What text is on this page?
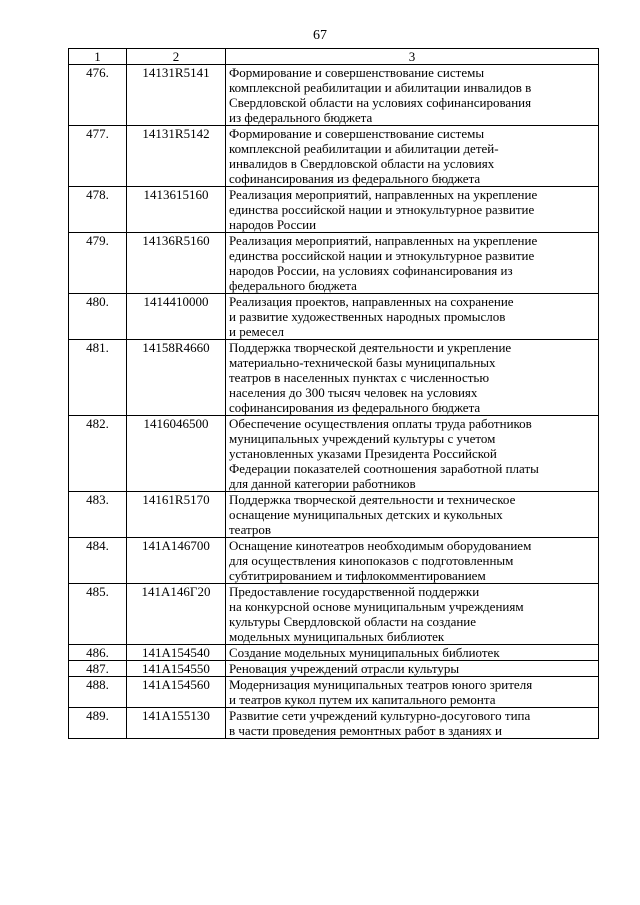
67
1	2	3
476.	14131R5141	Формирование и совершенствование системы
комплексной реабилитации и абилитации инвалидов в
Свердловской области на условиях софинансирования
из федерального бюджета

477.	14131R5142	Формирование и совершенствование системы
комплексной реабилитации и абилитации детей-
инвалидов в Свердловской области на условиях
софинансирования из федерального бюджета

478.	1413615160	Реализация мероприятий, направленных на укрепление
единства российской нации и этнокультурное развитие
народов России

479.	14136R5160	Реализация мероприятий, направленных на укрепление
единства российской нации и этнокультурное развитие
народов России, на условиях софинансирования из
федерального бюджета

480.	1414410000	Реализация проектов, направленных на сохранение
и развитие художественных народных промыслов
и ремесел

481.	14158R4660	Поддержка творческой деятельности и укрепление
материально-технической базы муниципальных
театров в населенных пунктах с численностью
населения до 300 тысяч человек на условиях
софинансирования из федерального бюджета

482.	1416046500	Обеспечение осуществления оплаты труда работников
муниципальных учреждений культуры с учетом
установленных указами Президента Российской
Федерации показателей соотношения заработной платы
для данной категории работников

483.	14161R5170	Поддержка творческой деятельности и техническое
оснащение муниципальных детских и кукольных
театров

484.	141A146700	Оснащение кинотеатров необходимым оборудованием
для осуществления кинопоказов с подготовленным
субтитрированием и тифлокомментированием

485.	141A146Г20	Предоставление государственной поддержки
на конкурсной основе муниципальным учреждениям
культуры Свердловской области на создание
модельных муниципальных библиотек

486.	141A154540	Создание модельных муниципальных библиотек

487.	141A154550	Реновация учреждений отрасли культуры

488.	141A154560	Модернизация муниципальных театров юного зрителя
и театров кукол путем их капитального ремонта

489.	141A155130	Развитие сети учреждений культурно-досугового типа
в части проведения ремонтных работ в зданиях и
